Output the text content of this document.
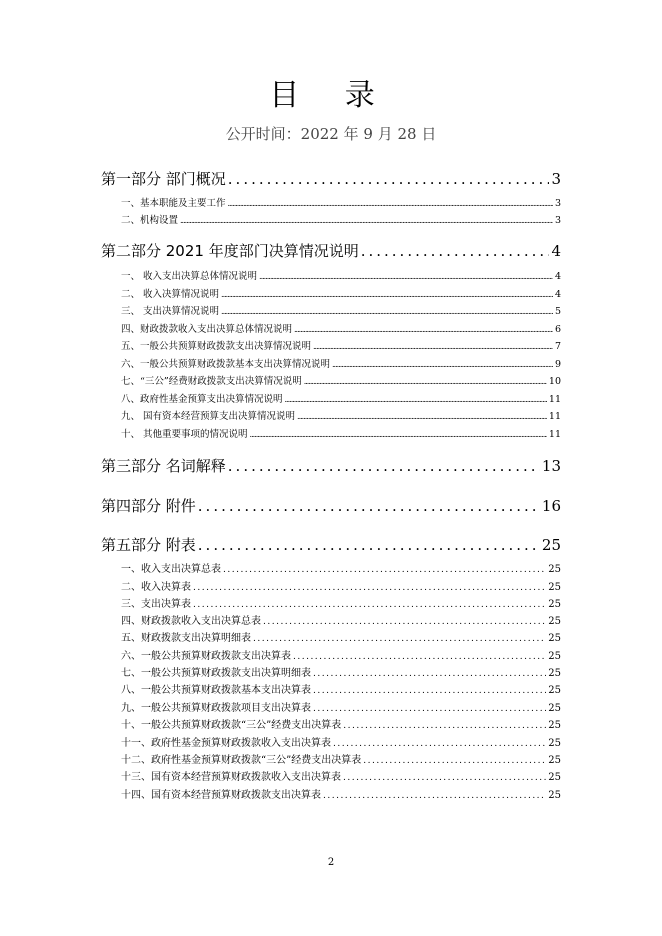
目 录
公开时间：2022 年 9 月 28 日
第一部分 部门概况 .....	3
一、基本职能及主要工作 .....	3
二、机构设置 .....	3
第二部分 2021 年度部门决算情况说明 .....	4
一、 收入支出决算总体情况说明 .....	4
二、 收入决算情况说明 .....	4
三、 支出决算情况说明 .....	5
四、财政拨款收入支出决算总体情况说明 .....	6
五、一般公共预算财政拨款支出决算情况说明 .....	7
六、一般公共预算财政拨款基本支出决算情况说明 .....	9
七、“三公”经费财政拨款支出决算情况说明 .....	10
八、政府性基金预算支出决算情况说明 .....	11
九、 国有资本经营预算支出决算情况说明 .....	11
十、 其他重要事项的情况说明 .....	11
第三部分 名词解释 .....	13
第四部分 附件 .....	16
第五部分 附表 .....	25
一、收入支出决算总表 .....	25
二、收入决算表 .....	25
三、支出决算表 .....	25
四、财政拨款收入支出决算总表 .....	25
五、财政拨款支出决算明细表 .....	25
六、一般公共预算财政拨款支出决算表 .....	25
七、一般公共预算财政拨款支出决算明细表 .....	25
八、一般公共预算财政拨款基本支出决算表 .....	25
九、一般公共预算财政拨款项目支出决算表 .....	25
十、一般公共预算财政拨款“三公”经费支出决算表 .....	25
十一、政府性基金预算财政拨款收入支出决算表 .....	25
十二、政府性基金预算财政拨款“三公”经费支出决算表 .....	25
十三、国有资本经营预算财政拨款收入支出决算表 .....	25
十四、国有资本经营预算财政拨款支出决算表 .....	25
2
